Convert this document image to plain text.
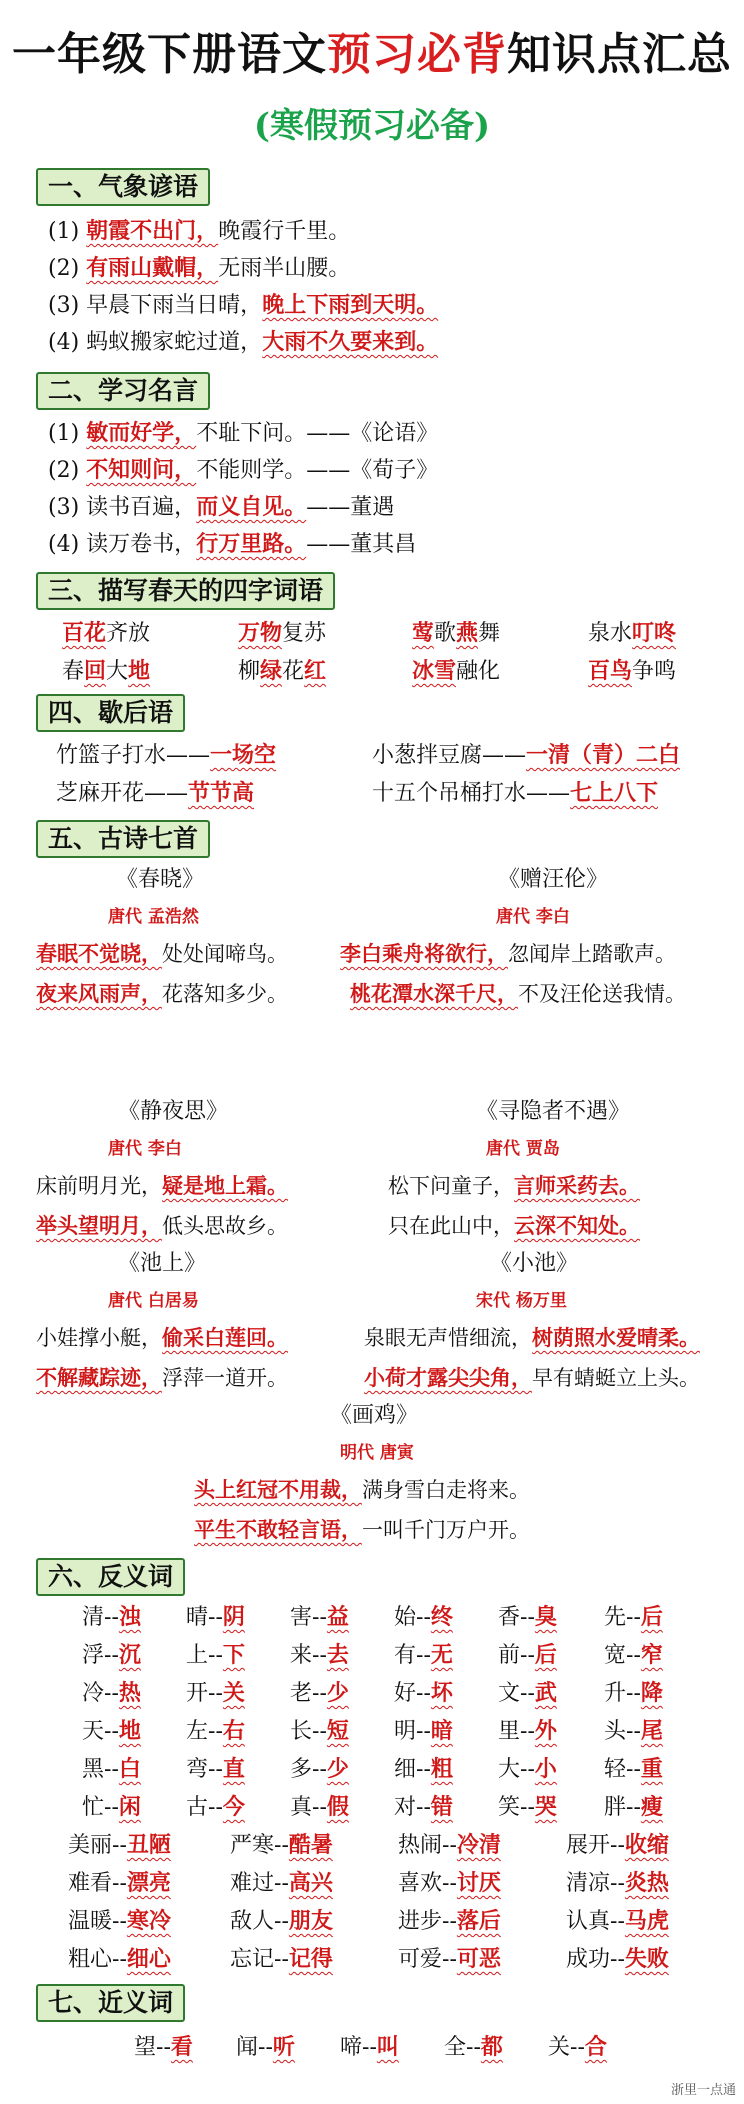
一年级下册语文预习必背知识点汇总
(寒假预习必备)
一、气象谚语
(1) 朝霞不出门，晚霞行千里。
(2) 有雨山戴帽，无雨半山腰。
(3) 早晨下雨当日晴，晚上下雨到天明。
(4) 蚂蚁搬家蛇过道，大雨不久要来到。
二、学习名言
(1) 敏而好学，不耻下问。——《论语》
(2) 不知则问，不能则学。——《荀子》
(3) 读书百遍，而义自见。——董遇
(4) 读万卷书，行万里路。——董其昌
三、描写春天的四字词语
百花齐放	万物复苏	莺歌燕舞	泉水叮咚
春回大地	柳绿花红	冰雪融化	百鸟争鸣
四、歇后语
竹篮子打水——一场空	小葱拌豆腐——一清（青）二白
芝麻开花——节节高	十五个吊桶打水——七上八下
五、古诗七首
《春晓》
唐代 孟浩然
春眠不觉晓，处处闻啼鸟。
夜来风雨声，花落知多少。
《赠汪伦》
唐代 李白
李白乘舟将欲行，忽闻岸上踏歌声。
桃花潭水深千尺，不及汪伦送我情。
《静夜思》
唐代 李白
床前明月光，疑是地上霜。
举头望明月，低头思故乡。
《寻隐者不遇》
唐代 贾岛
松下问童子，言师采药去。
只在此山中，云深不知处。
《池上》
唐代 白居易
小娃撑小艇，偷采白莲回。
不解藏踪迹，浮萍一道开。
《小池》
宋代 杨万里
泉眼无声惜细流，树荫照水爱晴柔。
小荷才露尖尖角，早有蜻蜓立上头。
《画鸡》
明代 唐寅
头上红冠不用裁，满身雪白走将来。
平生不敢轻言语，一叫千门万户开。
六、反义词
清--浊 晴--阴 害--益 始--终 香--臭 先--后
浮--沉 上--下 来--去 有--无 前--后 宽--窄
冷--热 开--关 老--少 好--坏 文--武 升--降
天--地 左--右 长--短 明--暗 里--外 头--尾
黑--白 弯--直 多--少 细--粗 大--小 轻--重
忙--闲 古--今 真--假 对--错 笑--哭 胖--瘦
美丽--丑陋	严寒--酷暑	热闹--冷清	展开--收缩
难看--漂亮	难过--高兴	喜欢--讨厌	清凉--炎热
温暖--寒冷	敌人--朋友	进步--落后	认真--马虎
粗心--细心	忘记--记得	可爱--可恶	成功--失败
七、近义词
望--看 闻--听 啼--叫 全--都 关--合
浙里一点通
